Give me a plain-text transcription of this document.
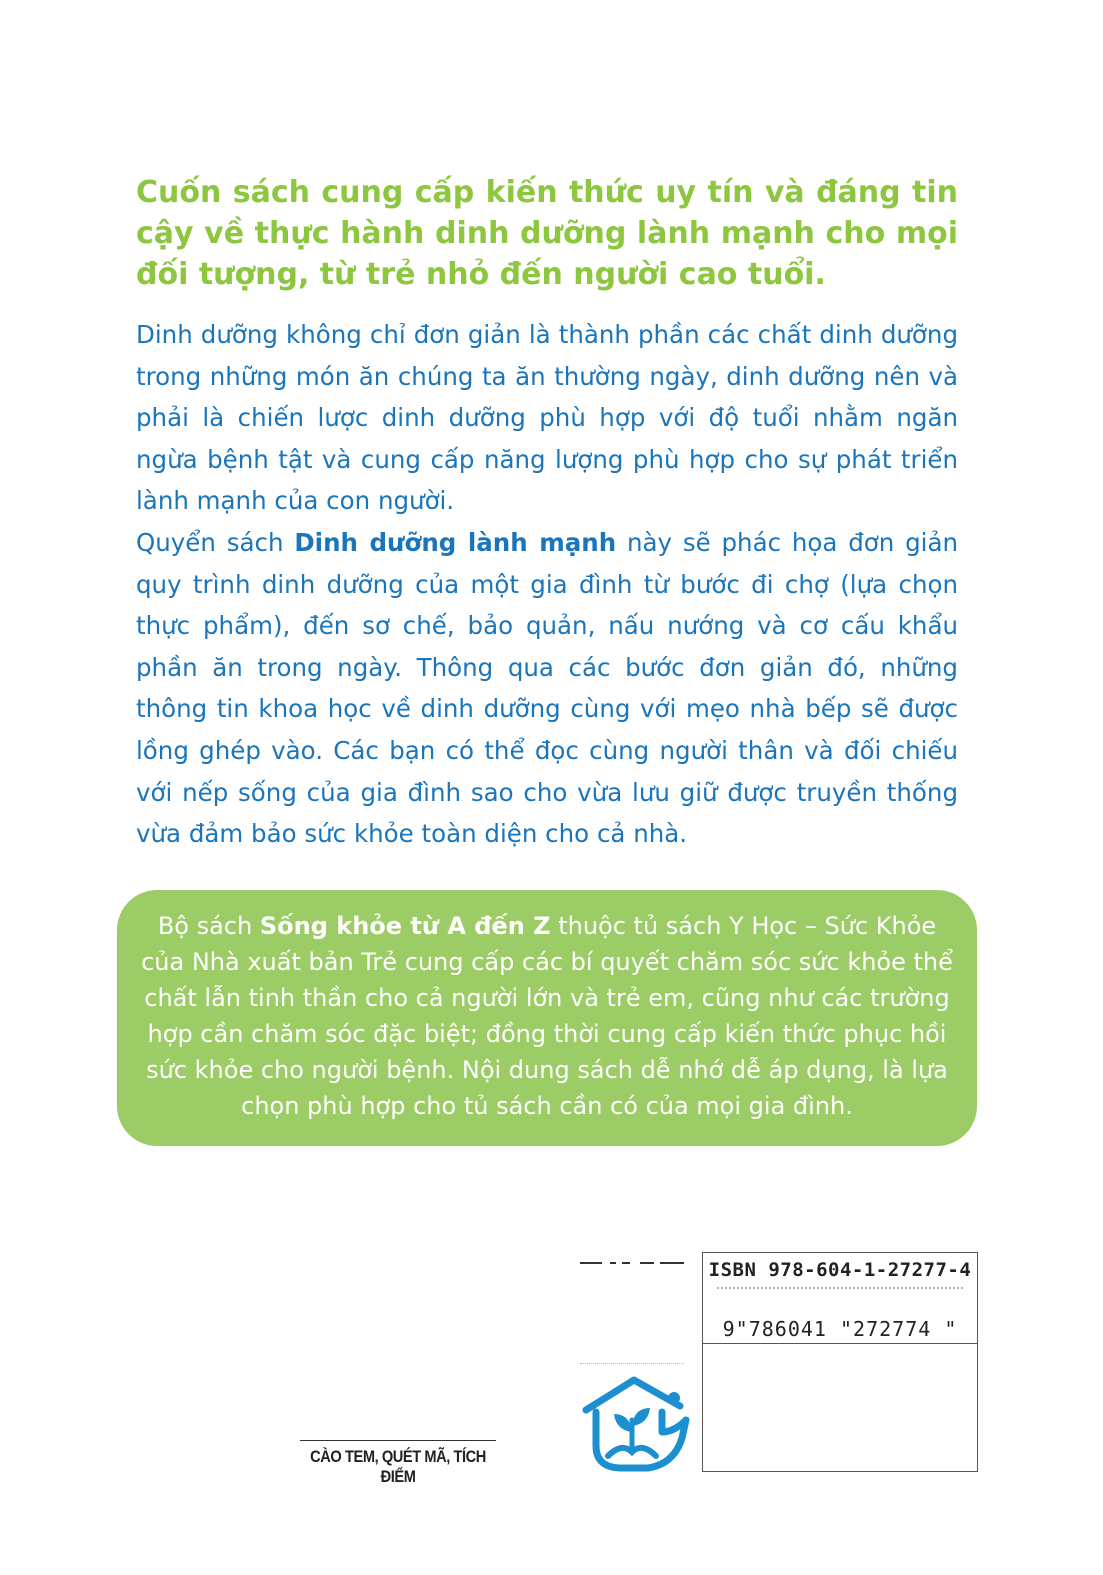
Cuốn sách cung cấp kiến thức uy tín và đáng tin cậy về thực hành dinh dưỡng lành mạnh cho mọi đối tượng, từ trẻ nhỏ đến người cao tuổi.

Dinh dưỡng không chỉ đơn giản là thành phần các chất dinh dưỡng trong những món ăn chúng ta ăn thường ngày, dinh dưỡng nên và phải là chiến lược dinh dưỡng phù hợp với độ tuổi nhằm ngăn ngừa bệnh tật và cung cấp năng lượng phù hợp cho sự phát triển lành mạnh của con người.

Quyển sách Dinh dưỡng lành mạnh này sẽ phác họa đơn giản quy trình dinh dưỡng của một gia đình từ bước đi chợ (lựa chọn thực phẩm), đến sơ chế, bảo quản, nấu nướng và cơ cấu khẩu phần ăn trong ngày. Thông qua các bước đơn giản đó, những thông tin khoa học về dinh dưỡng cùng với mẹo nhà bếp sẽ được lồng ghép vào. Các bạn có thể đọc cùng người thân và đối chiếu với nếp sống của gia đình sao cho vừa lưu giữ được truyền thống vừa đảm bảo sức khỏe toàn diện cho cả nhà.

Bộ sách Sống khỏe từ A đến Z thuộc tủ sách Y Học – Sức Khỏe của Nhà xuất bản Trẻ cung cấp các bí quyết chăm sóc sức khỏe thể chất lẫn tinh thần cho cả người lớn và trẻ em, cũng như các trường hợp cần chăm sóc đặc biệt; đồng thời cung cấp kiến thức phục hồi sức khỏe cho người bệnh. Nội dung sách dễ nhớ dễ áp dụng, là lựa chọn phù hợp cho tủ sách cần có của mọi gia đình.

CÀO TEM, QUÉT MÃ, TÍCH ĐIỂM
ISBN 978-604-1-27277-4
9"786041 "272774 "
